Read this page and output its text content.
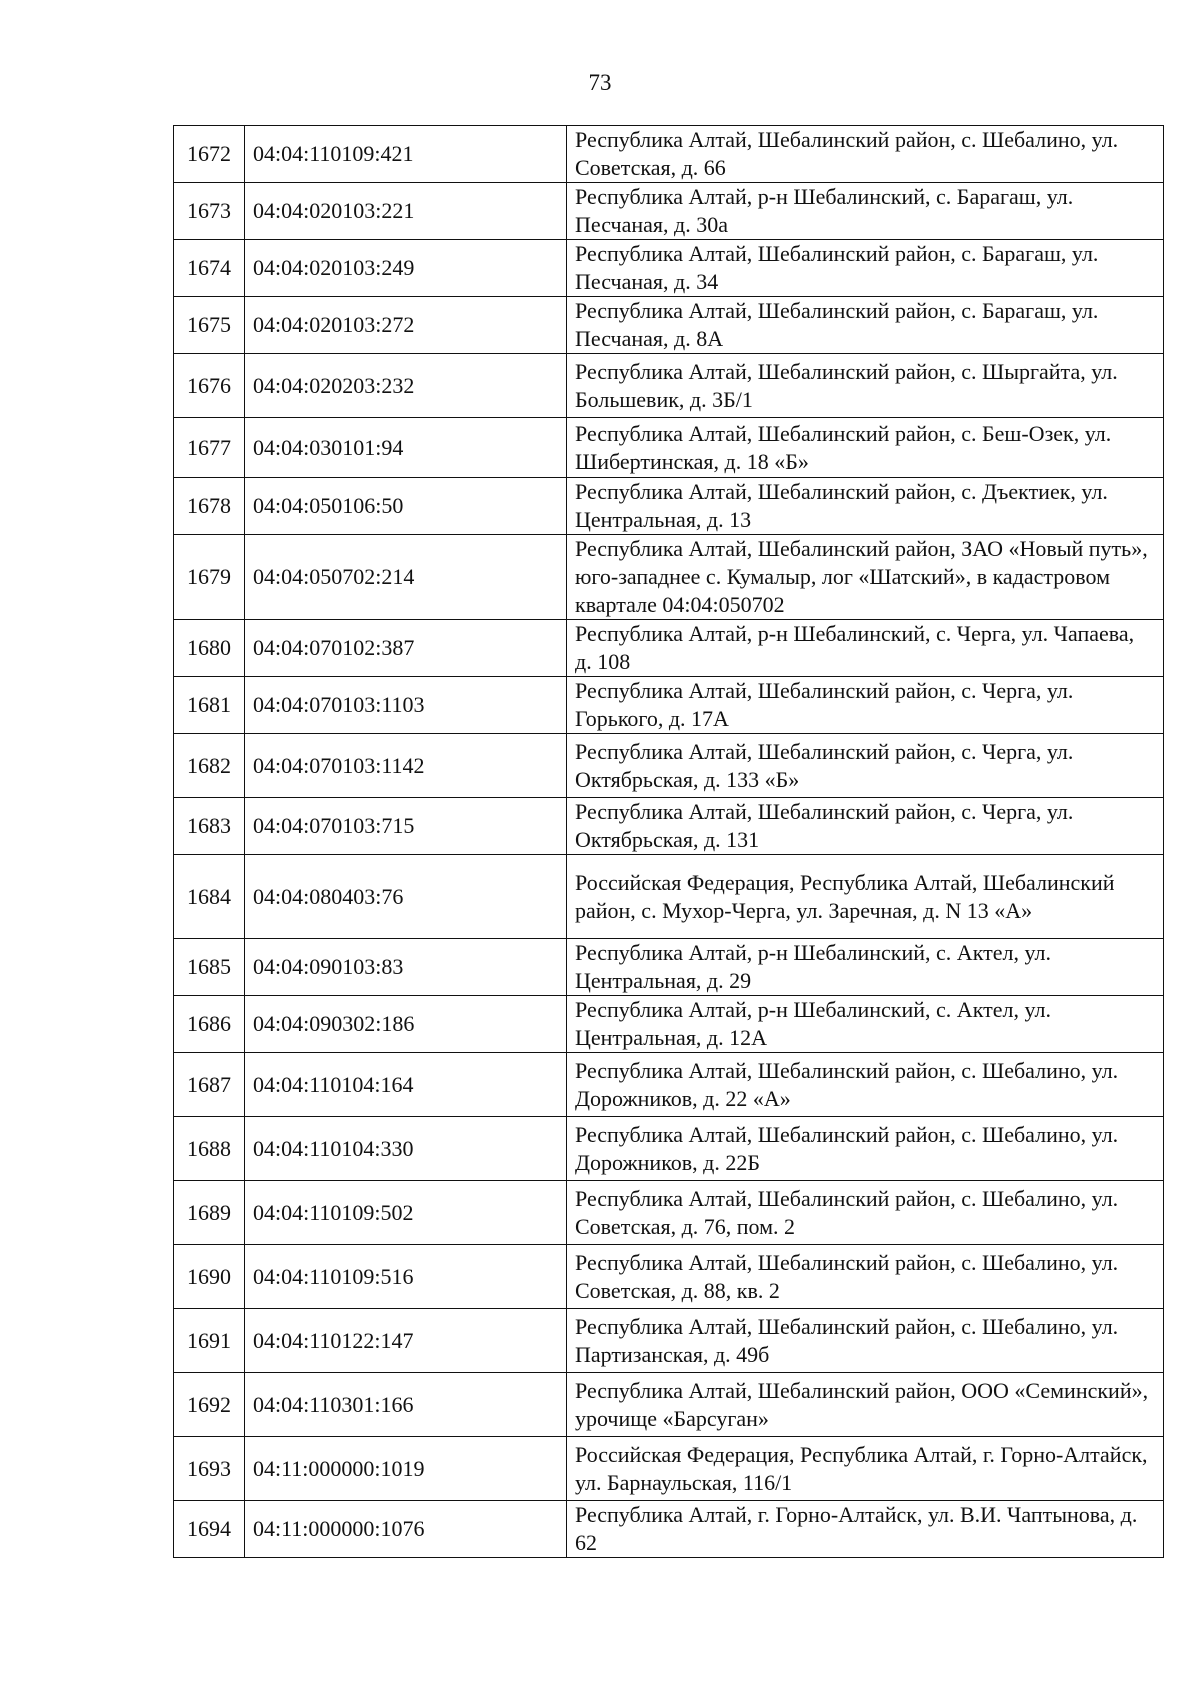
73
1672	04:04:110109:421	Республика Алтай, Шебалинский район, с. Шебалино, ул. Советская, д. 66
1673	04:04:020103:221	Республика Алтай, р-н Шебалинский, с. Барагаш, ул. Песчаная, д. 30а
1674	04:04:020103:249	Республика Алтай, Шебалинский район, с. Барагаш, ул. Песчаная, д. 34
1675	04:04:020103:272	Республика Алтай, Шебалинский район, с. Барагаш, ул. Песчаная, д. 8А
1676	04:04:020203:232	Республика Алтай, Шебалинский район, с. Шыргайта, ул. Большевик, д. 3Б/1
1677	04:04:030101:94	Республика Алтай, Шебалинский район, с. Беш-Озек, ул. Шибертинская, д. 18 «Б»
1678	04:04:050106:50	Республика Алтай, Шебалинский район, с. Дъектиек, ул. Центральная, д. 13
1679	04:04:050702:214	Республика Алтай, Шебалинский район, ЗАО «Новый путь», юго-западнее с. Кумалыр, лог «Шатский», в кадастровом квартале 04:04:050702
1680	04:04:070102:387	Республика Алтай, р-н Шебалинский, с. Черга, ул. Чапаева, д. 108
1681	04:04:070103:1103	Республика Алтай, Шебалинский район, с. Черга, ул. Горького, д. 17А
1682	04:04:070103:1142	Республика Алтай, Шебалинский район, с. Черга, ул. Октябрьская, д. 133 «Б»
1683	04:04:070103:715	Республика Алтай, Шебалинский район, с. Черга, ул. Октябрьская, д. 131
1684	04:04:080403:76	Российская Федерация, Республика Алтай, Шебалинский район, с. Мухор-Черга, ул. Заречная, д. N 13 «А»
1685	04:04:090103:83	Республика Алтай, р-н Шебалинский, с. Актел, ул. Центральная, д. 29
1686	04:04:090302:186	Республика Алтай, р-н Шебалинский, с. Актел, ул. Центральная, д. 12А
1687	04:04:110104:164	Республика Алтай, Шебалинский район, с. Шебалино, ул. Дорожников, д. 22 «А»
1688	04:04:110104:330	Республика Алтай, Шебалинский район, с. Шебалино, ул. Дорожников, д. 22Б
1689	04:04:110109:502	Республика Алтай, Шебалинский район, с. Шебалино, ул. Советская, д. 76, пом. 2
1690	04:04:110109:516	Республика Алтай, Шебалинский район, с. Шебалино, ул. Советская, д. 88, кв. 2
1691	04:04:110122:147	Республика Алтай, Шебалинский район, с. Шебалино, ул. Партизанская, д. 49б
1692	04:04:110301:166	Республика Алтай, Шебалинский район, ООО «Семинский», урочище «Барсуган»
1693	04:11:000000:1019	Российская Федерация, Республика Алтай, г. Горно-Алтайск, ул. Барнаульская, 116/1
1694	04:11:000000:1076	Республика Алтай, г. Горно-Алтайск, ул. В.И. Чаптынова, д. 62
